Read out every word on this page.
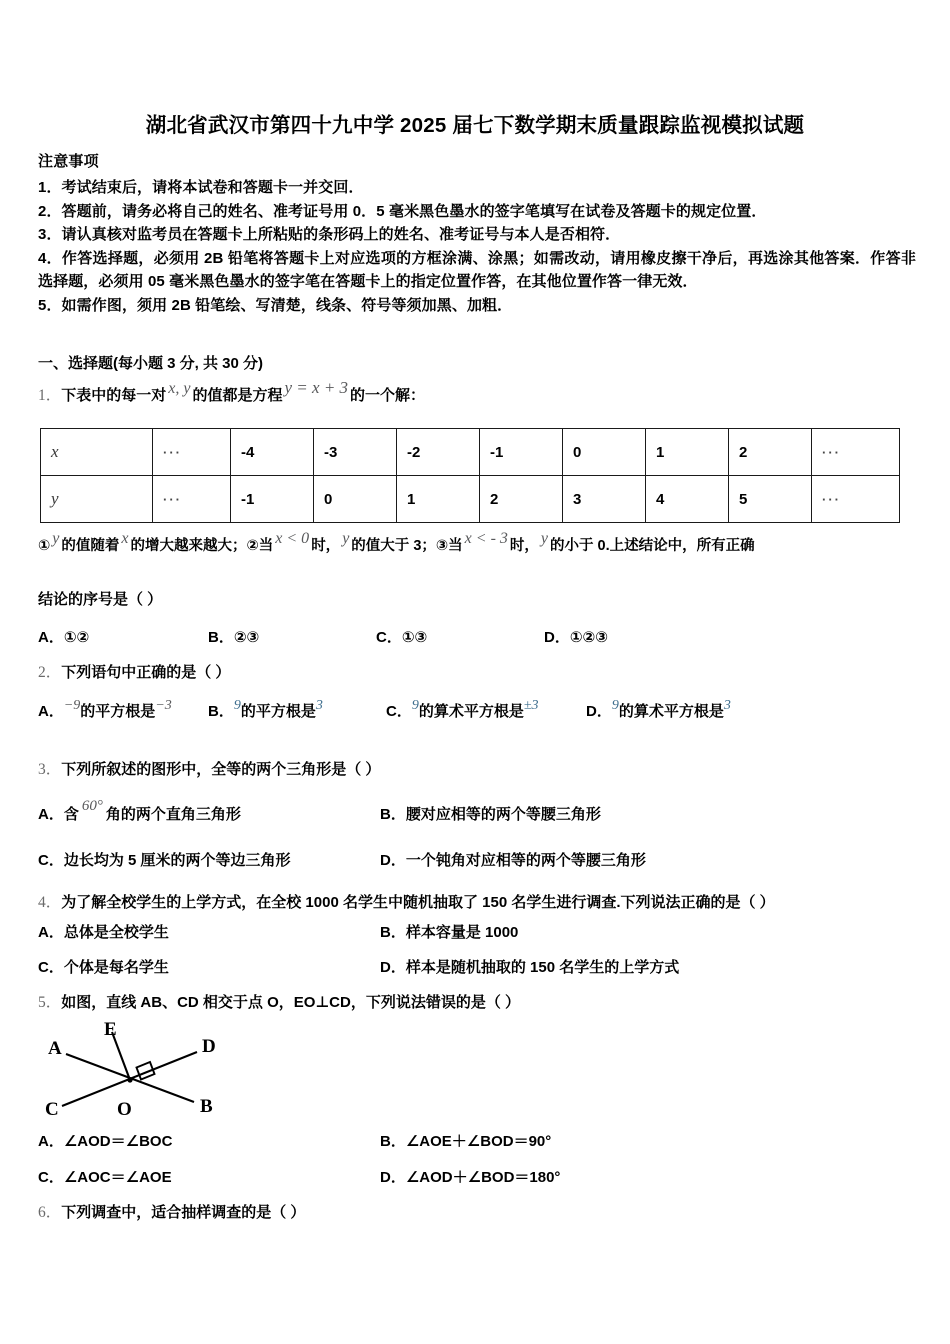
湖北省武汉市第四十九中学 2025 届七下数学期末质量跟踪监视模拟试题
注意事项
1．考试结束后，请将本试卷和答题卡一并交回．
2．答题前，请务必将自己的姓名、准考证号用 0．5 毫米黑色墨水的签字笔填写在试卷及答题卡的规定位置．
3．请认真核对监考员在答题卡上所粘贴的条形码上的姓名、准考证号与本人是否相符．
4．作答选择题，必须用 2B 铅笔将答题卡上对应选项的方框涂满、涂黑；如需改动，请用橡皮擦干净后，再选涂其他答案．作答非选择题，必须用 05 毫米黑色墨水的签字笔在答题卡上的指定位置作答，在其他位置作答一律无效．
5．如需作图，须用 2B 铅笔绘、写清楚，线条、符号等须加黑、加粗．
一、选择题(每小题 3 分, 共 30 分)
1．下表中的每一对 x, y 的值都是方程 y = x + 3 的一个解：
x	···	-4	-3	-2	-1	0	1	2	···
y	···	-1	0	1	2	3	4	5	···
① y 的值随着 x 的增大越来越大；②当 x < 0 时， y 的值大于 3；③当 x < - 3 时， y 的小于 0.上述结论中，所有正确
结论的序号是（ ）
A．①②	B．②③	C．①③	D．①②③
2．下列语句中正确的是（ ）
A．−9的平方根是−3 B．9的平方根是3	C．9的算术平方根是±3	D．9的算术平方根是3
3．下列所叙述的图形中，全等的两个三角形是（ ）
A．含 60° 角的两个直角三角形	B．腰对应相等的两个等腰三角形
C．边长均为 5 厘米的两个等边三角形	D．一个钝角对应相等的两个等腰三角形
4．为了解全校学生的上学方式，在全校 1000 名学生中随机抽取了 150 名学生进行调查.下列说法正确的是（ ）
A．总体是全校学生	B．样本容量是 1000
C．个体是每名学生	D．样本是随机抽取的 150 名学生的上学方式
5．如图，直线 AB、CD 相交于点 O，EO⊥CD，下列说法错误的是（ ）
A
E
D
C	O	B
A．∠AOD＝∠BOC	B．∠AOE＋∠BOD＝90°
C．∠AOC＝∠AOE	D．∠AOD＋∠BOD＝180°
6．下列调查中，适合抽样调查的是（ ）
